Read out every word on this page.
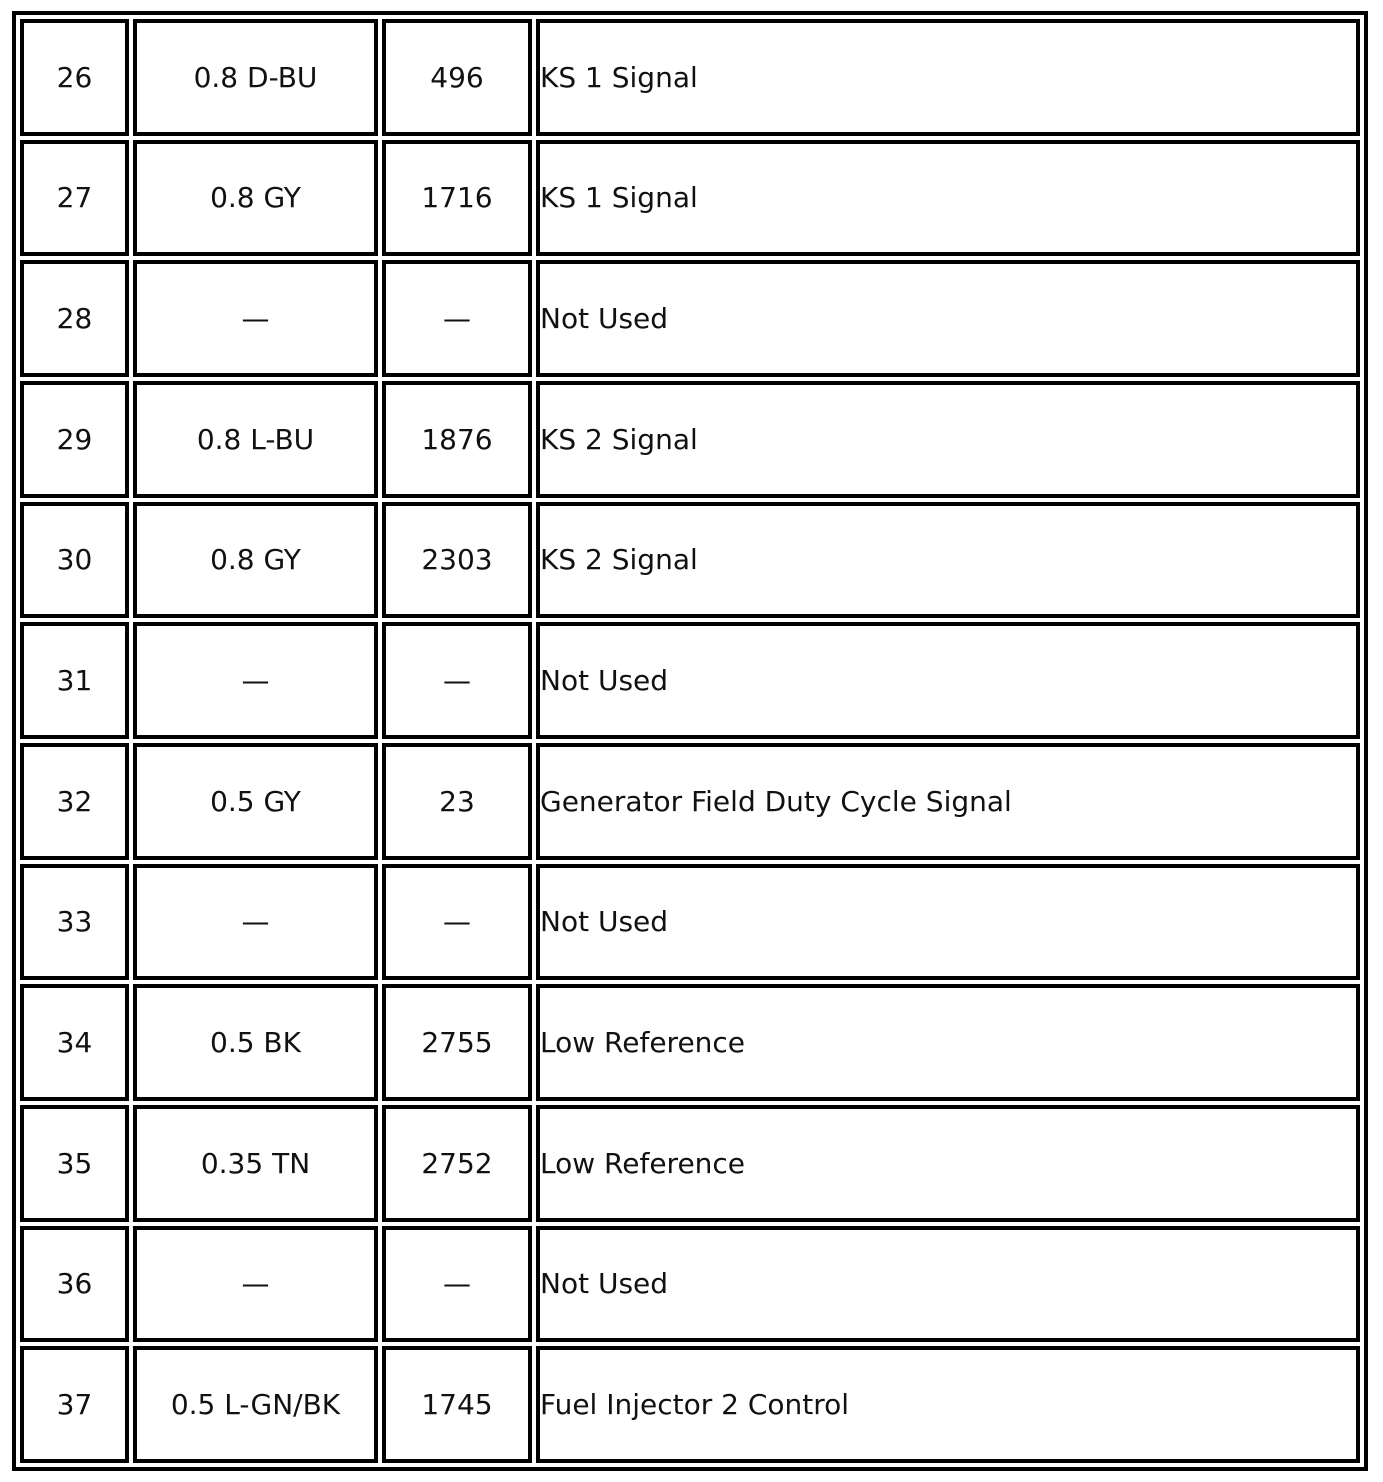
26	0.8 D-BU	496	KS 1 Signal
27	0.8 GY	1716	KS 1 Signal
28	—	—	Not Used
29	0.8 L-BU	1876	KS 2 Signal
30	0.8 GY	2303	KS 2 Signal
31	—	—	Not Used
32	0.5 GY	23	Generator Field Duty Cycle Signal
33	—	—	Not Used
34	0.5 BK	2755	Low Reference
35	0.35 TN	2752	Low Reference
36	—	—	Not Used
37	0.5 L-GN/BK	1745	Fuel Injector 2 Control
